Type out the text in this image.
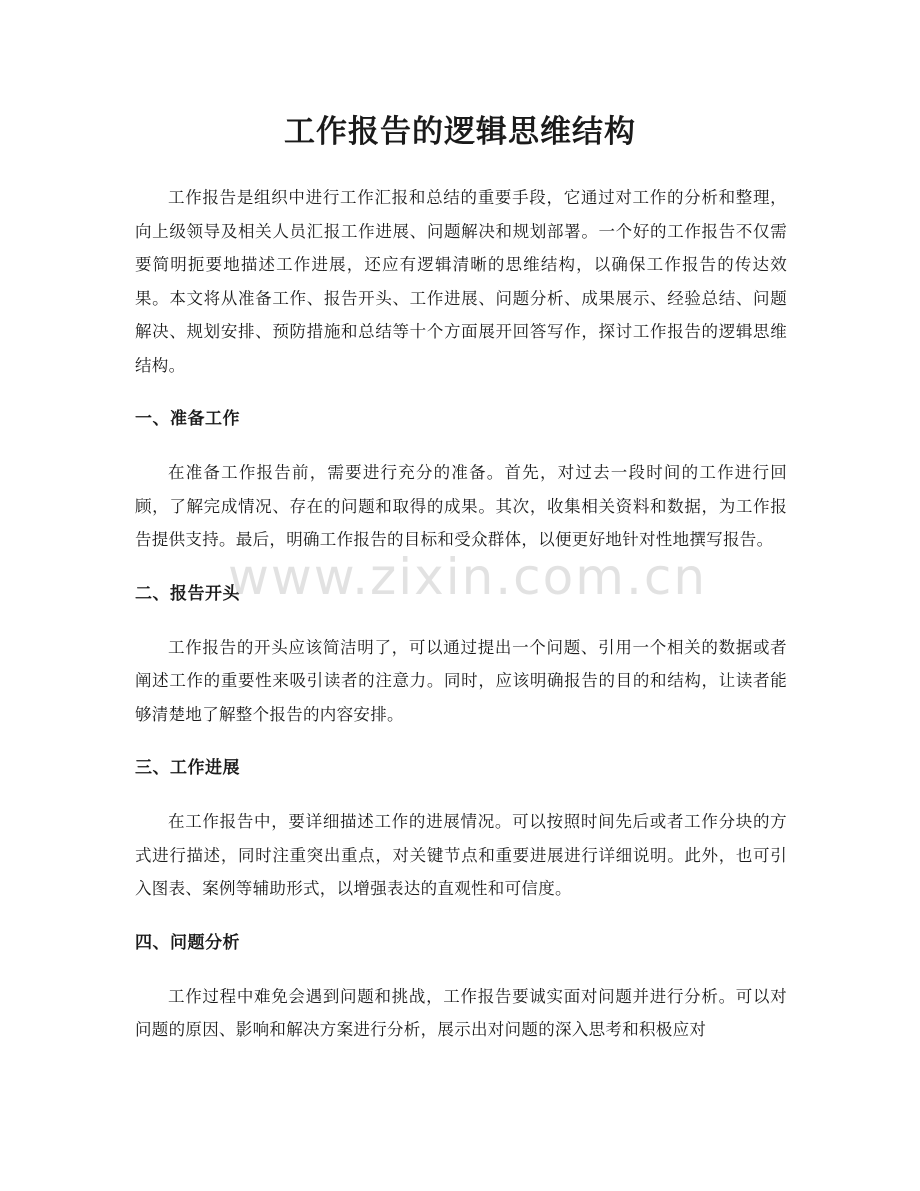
工作报告的逻辑思维结构

工作报告是组织中进行工作汇报和总结的重要手段，它通过对工作的分析和整理，向上级领导及相关人员汇报工作进展、问题解决和规划部署。一个好的工作报告不仅需要简明扼要地描述工作进展，还应有逻辑清晰的思维结构，以确保工作报告的传达效果。本文将从准备工作、报告开头、工作进展、问题分析、成果展示、经验总结、问题解决、规划安排、预防措施和总结等十个方面展开回答写作，探讨工作报告的逻辑思维结构。

一、准备工作

在准备工作报告前，需要进行充分的准备。首先，对过去一段时间的工作进行回顾，了解完成情况、存在的问题和取得的成果。其次，收集相关资料和数据，为工作报告提供支持。最后，明确工作报告的目标和受众群体，以便更好地针对性地撰写报告。

二、报告开头

工作报告的开头应该简洁明了，可以通过提出一个问题、引用一个相关的数据或者阐述工作的重要性来吸引读者的注意力。同时，应该明确报告的目的和结构，让读者能够清楚地了解整个报告的内容安排。

三、工作进展

在工作报告中，要详细描述工作的进展情况。可以按照时间先后或者工作分块的方式进行描述，同时注重突出重点，对关键节点和重要进展进行详细说明。此外，也可引入图表、案例等辅助形式，以增强表达的直观性和可信度。

四、问题分析

工作过程中难免会遇到问题和挑战，工作报告要诚实面对问题并进行分析。可以对问题的原因、影响和解决方案进行分析，展示出对问题的深入思考和积极应对

www.zixin.com.cn
